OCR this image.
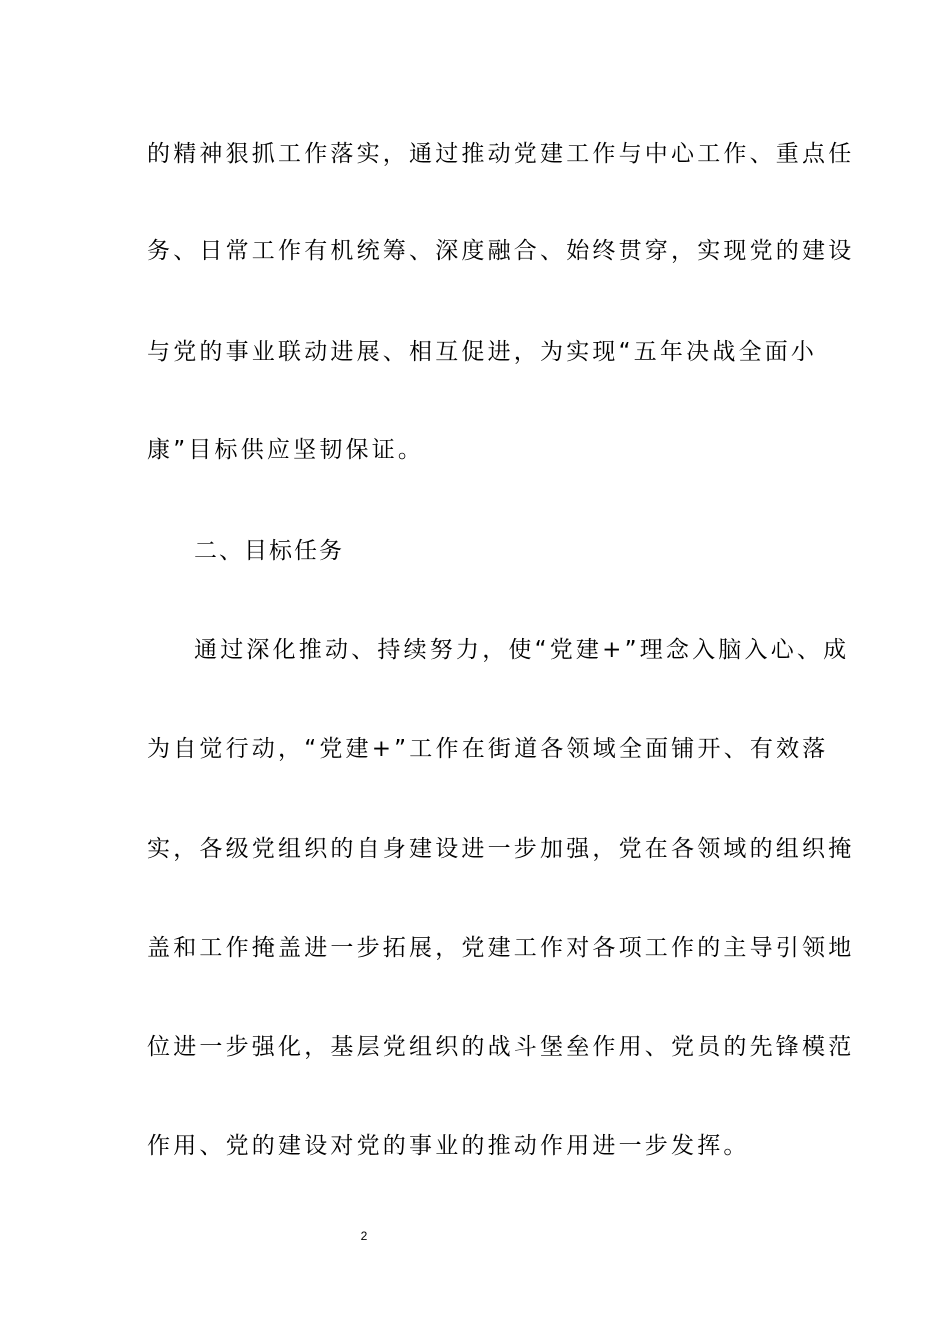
的精神狠抓工作落实，通过推动党建工作与中心工作、重点任
务、日常工作有机统筹、深度融合、始终贯穿，实现党的建设
与党的事业联动进展、相互促进，为实现“五年决战全面小
康”目标供应坚韧保证。
二、目标任务
通过深化推动、持续努力，使“党建+”理念入脑入心、成
为自觉行动，“党建+”工作在街道各领域全面铺开、有效落
实，各级党组织的自身建设进一步加强，党在各领域的组织掩
盖和工作掩盖进一步拓展，党建工作对各项工作的主导引领地
位进一步强化，基层党组织的战斗堡垒作用、党员的先锋模范
作用、党的建设对党的事业的推动作用进一步发挥。
2
